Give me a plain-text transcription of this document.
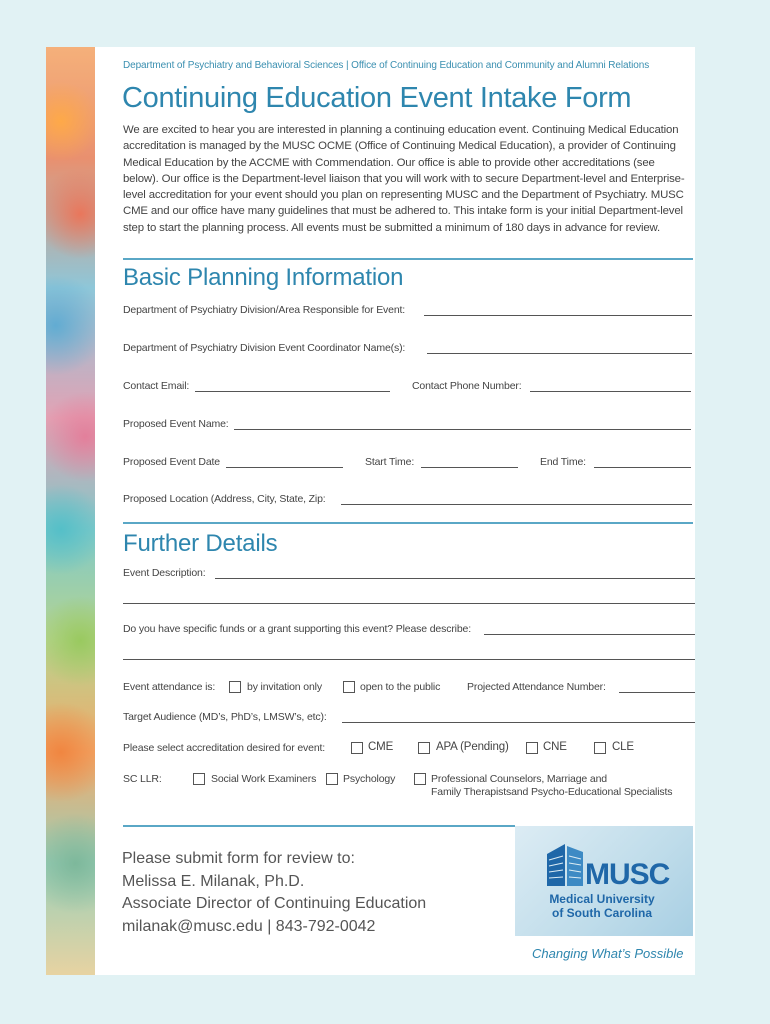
Department of Psychiatry and Behavioral Sciences | Office of Continuing Education and Community and Alumni Relations
Continuing Education Event Intake Form
We are excited to hear you are interested in planning a continuing education event. Continuing Medical Education accreditation is managed by the MUSC OCME (Office of Continuing Medical Education), a provider of Continuing Medical Education by the ACCME with Commendation. Our office is able to provide other accreditations (see below). Our office is the Department-level liaison that you will work with to secure Department-level and Enterprise-level accreditation for your event should you plan on representing MUSC and the Department of Psychiatry. MUSC CME and our office have many guidelines that must be adhered to. This intake form is your initial Department-level step to start the planning process. All events must be submitted a minimum of 180 days in advance for review.
Basic Planning Information
Department of Psychiatry Division/Area Responsible for Event:
Department of Psychiatry Division Event Coordinator Name(s):
Contact Email:	Contact Phone Number:
Proposed Event Name:
Proposed Event Date	Start Time:	End Time:
Proposed Location (Address, City, State, Zip:
Further Details
Event Description:
Do you have specific funds or a grant supporting this event? Please describe:
Event attendance is:	by invitation only	open to the public	Projected Attendance Number:
Target Audience (MD’s, PhD’s, LMSW’s, etc):
Please select accreditation desired for event:	CME	APA (Pending)	CNE	CLE
SC LLR:	Social Work Examiners	Psychology	Professional Counselors, Marriage and
Family Therapistsand Psycho-Educational Specialists
Please submit form for review to:
Melissa E. Milanak, Ph.D.
Associate Director of Continuing Education
milanak@musc.edu | 843-792-0042
MUSC
Medical University
of South Carolina
Changing What’s Possible
